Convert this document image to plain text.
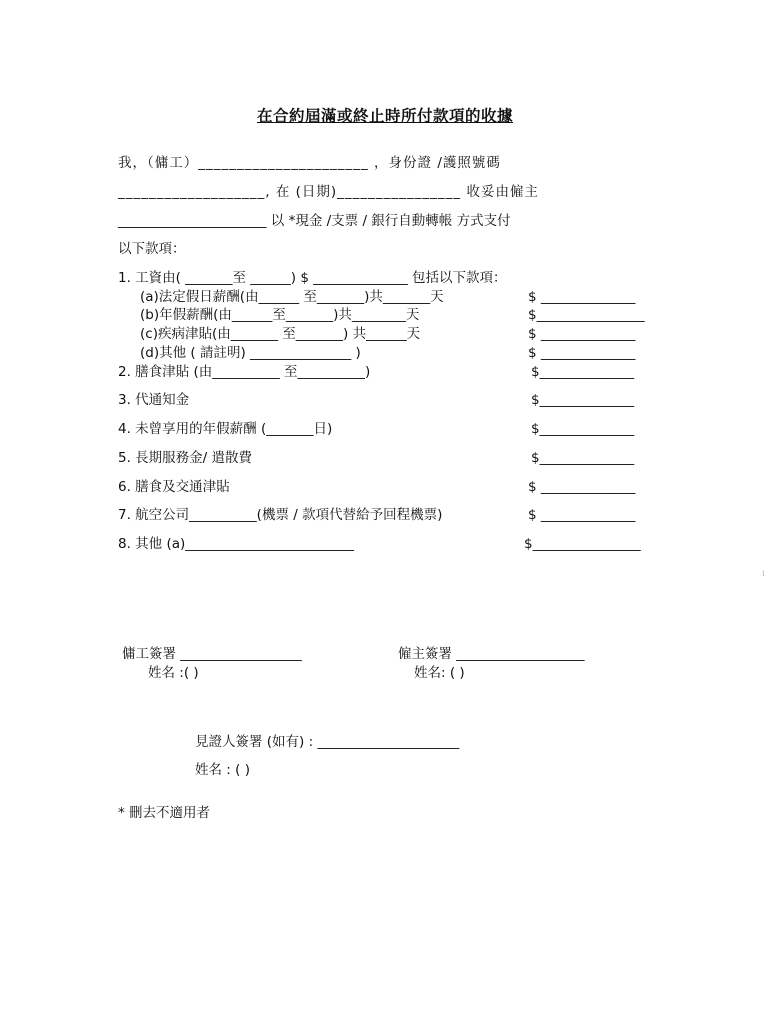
在合約屆滿或終止時所付款項的收據
我，（傭工）______________________ ，身份證 /護照號碼
___________________, 在 (日期)________________ 收妥由僱主
______________________ 以 *現金 /支票 / 銀行自動轉帳 方式支付
以下款項：
1. 工資由( _______至 ______) $ ______________ 包括以下款項：
(a)法定假日薪酬(由______ 至_______)共_______天	$ ______________
(b)年假薪酬(由______至_______)共________天	$________________
(c)疾病津貼(由_______ 至_______) 共______天	$ ______________
(d)其他 ( 請註明) _______________ )	$ ______________
2. 膳食津貼 (由__________ 至__________)	$______________
3. 代通知金	$______________
4. 未曾享用的年假薪酬 (_______日)	$______________
5. 長期服務金/ 遣散費	$______________
6. 膳食及交通津貼	$ ______________
7. 航空公司__________(機票 / 款項代替給予回程機票)	$ ______________
8. 其他 (a)_________________________	$________________
⁞
傭工簽署 __________________
姓名 :( )
僱主簽署 ___________________
姓名: ( )
見證人簽署 (如有) : _____________________
姓名 : ( )
* 刪去不適用者
